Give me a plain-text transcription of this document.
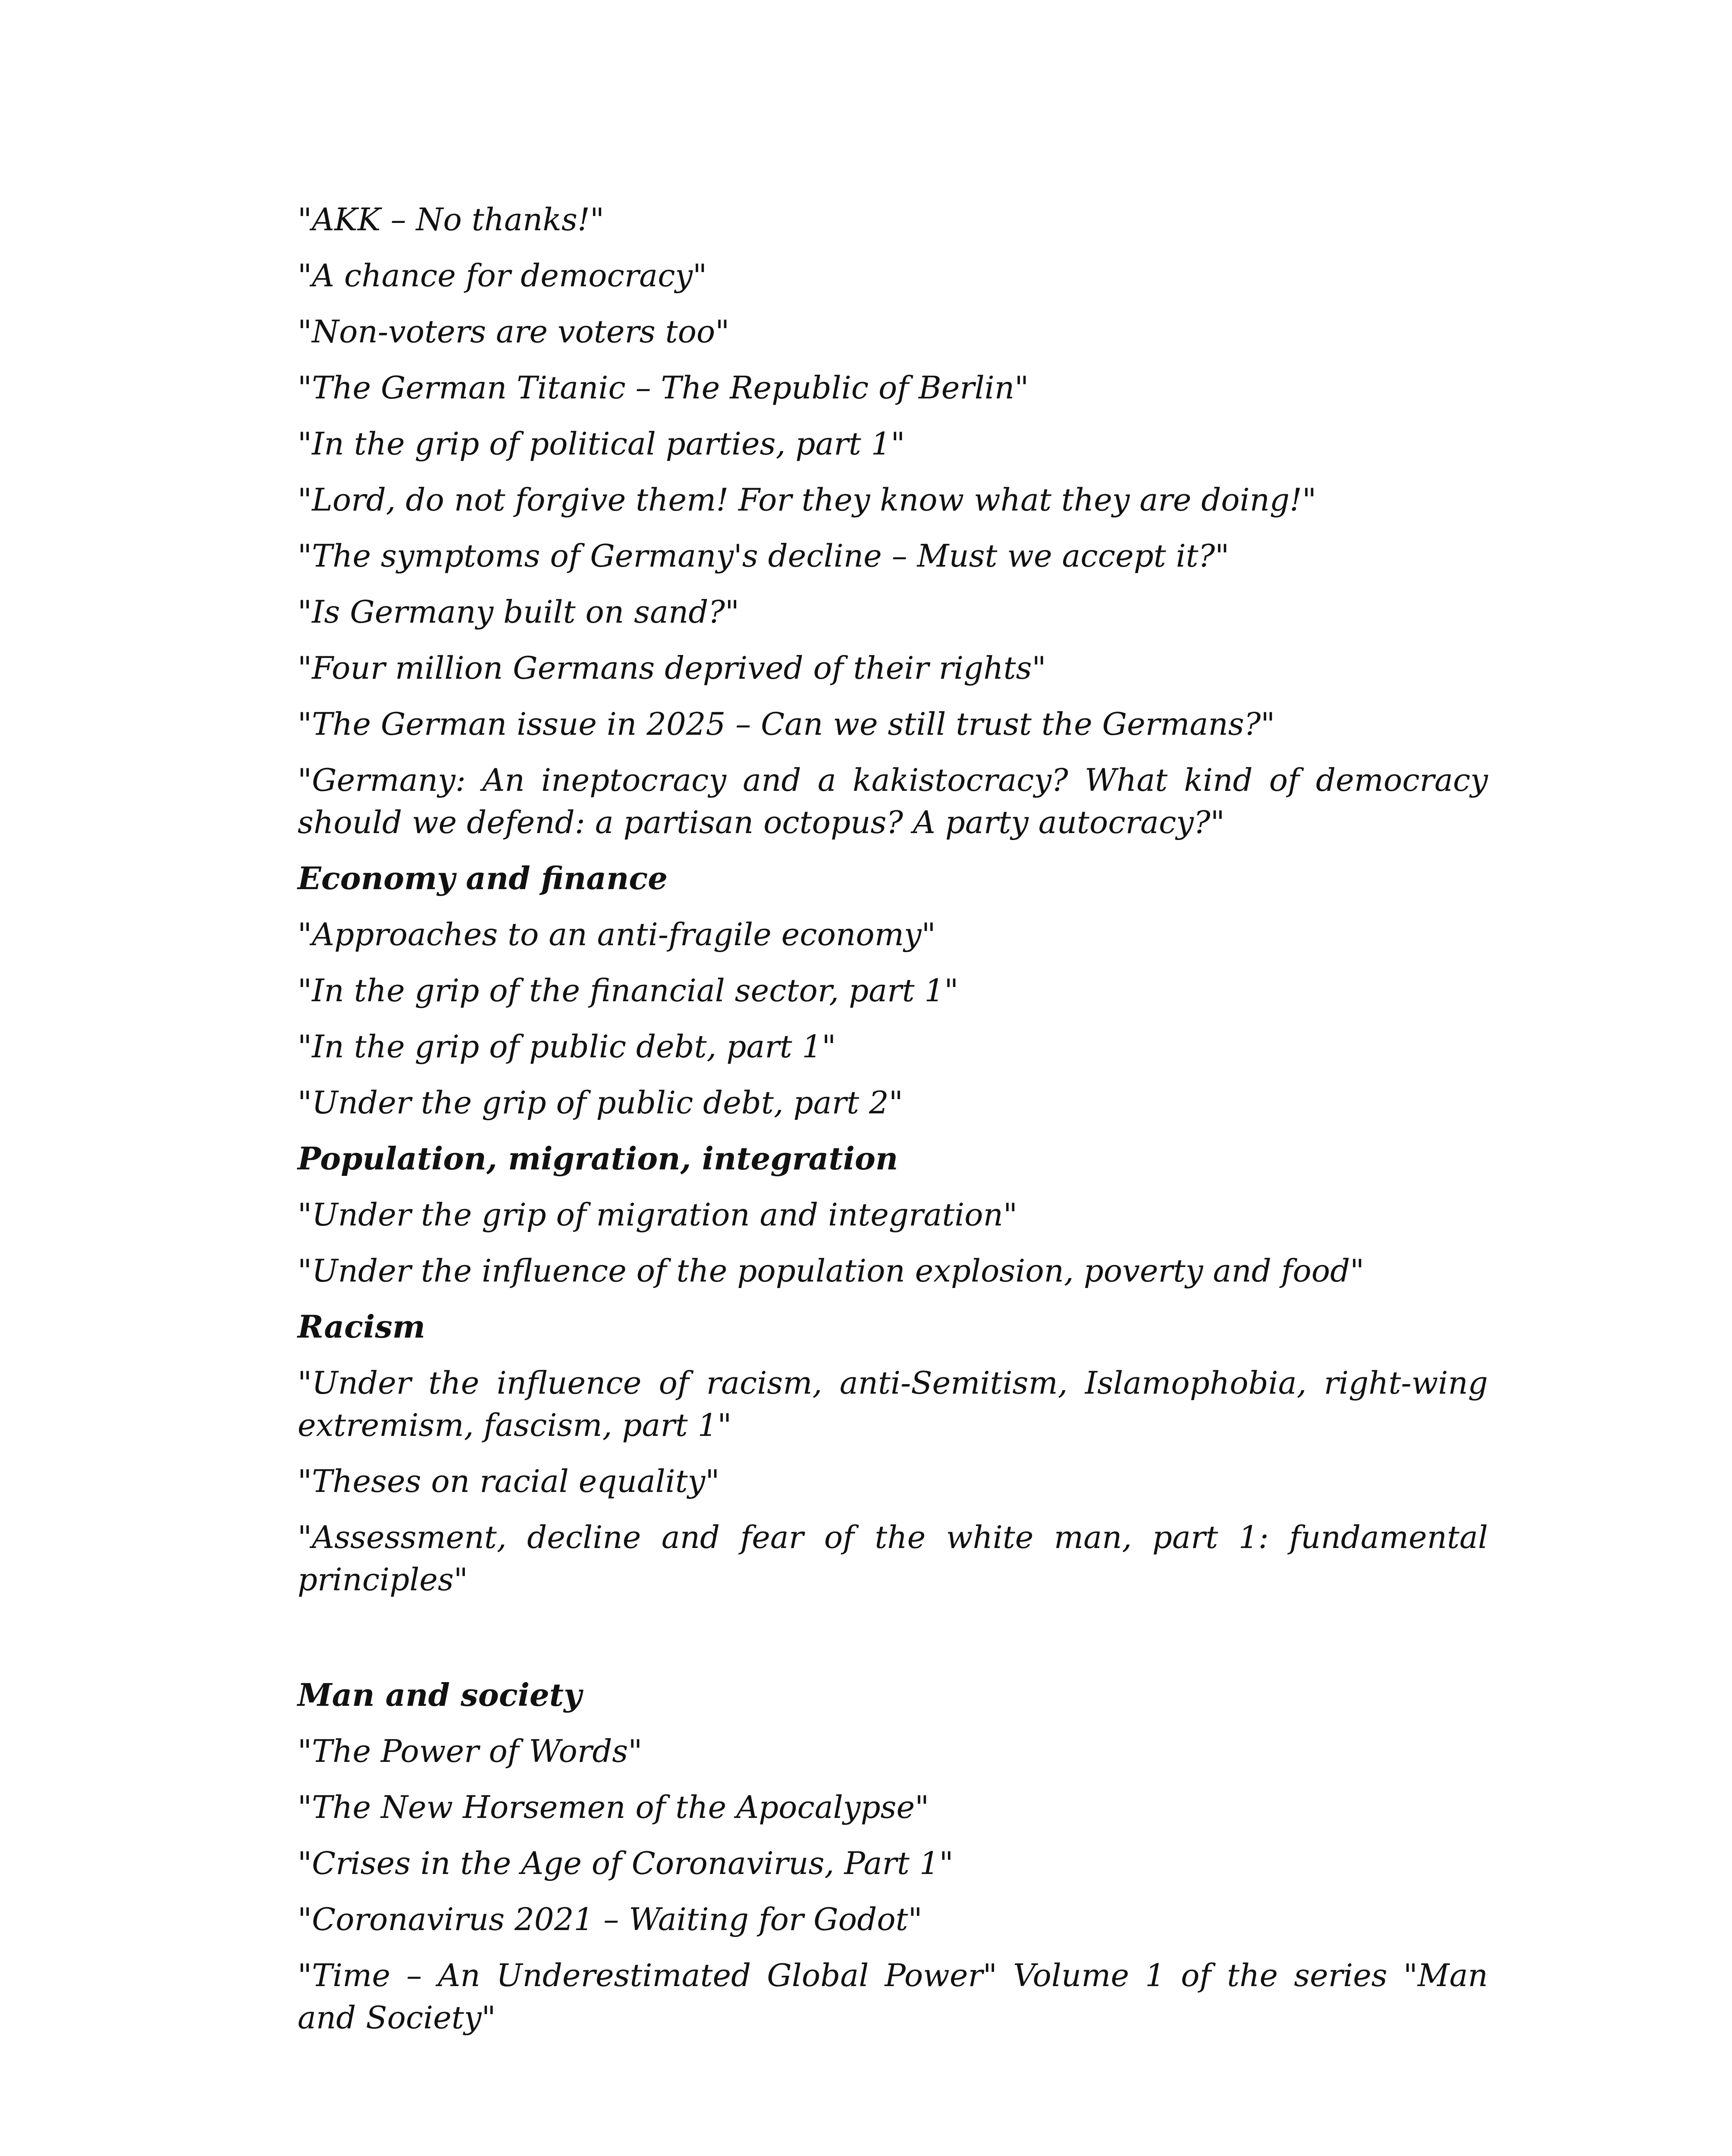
"AKK – No thanks!"
"A chance for democracy"
"Non-voters are voters too"
"The German Titanic – The Republic of Berlin"
"In the grip of political parties, part 1"
"Lord, do not forgive them! For they know what they are doing!"
"The symptoms of Germany's decline – Must we accept it?"
"Is Germany built on sand?"
"Four million Germans deprived of their rights"
"The German issue in 2025 – Can we still trust the Germans?"
"Germany: An ineptocracy and a kakistocracy? What kind of democracy should we defend: a partisan octopus? A party autocracy?"
Economy and finance
"Approaches to an anti-fragile economy"
"In the grip of the financial sector, part 1"
"In the grip of public debt, part 1"
"Under the grip of public debt, part 2"
Population, migration, integration
"Under the grip of migration and integration"
"Under the influence of the population explosion, poverty and food"
Racism
"Under the influence of racism, anti-Semitism, Islamophobia, right-wing extremism, fascism, part 1"
"Theses on racial equality"
"Assessment, decline and fear of the white man, part 1: fundamental principles"
Man and society
"The Power of Words"
"The New Horsemen of the Apocalypse"
"Crises in the Age of Coronavirus, Part 1"
"Coronavirus 2021 – Waiting for Godot"
"Time – An Underestimated Global Power" Volume 1 of the series "Man and Society"
